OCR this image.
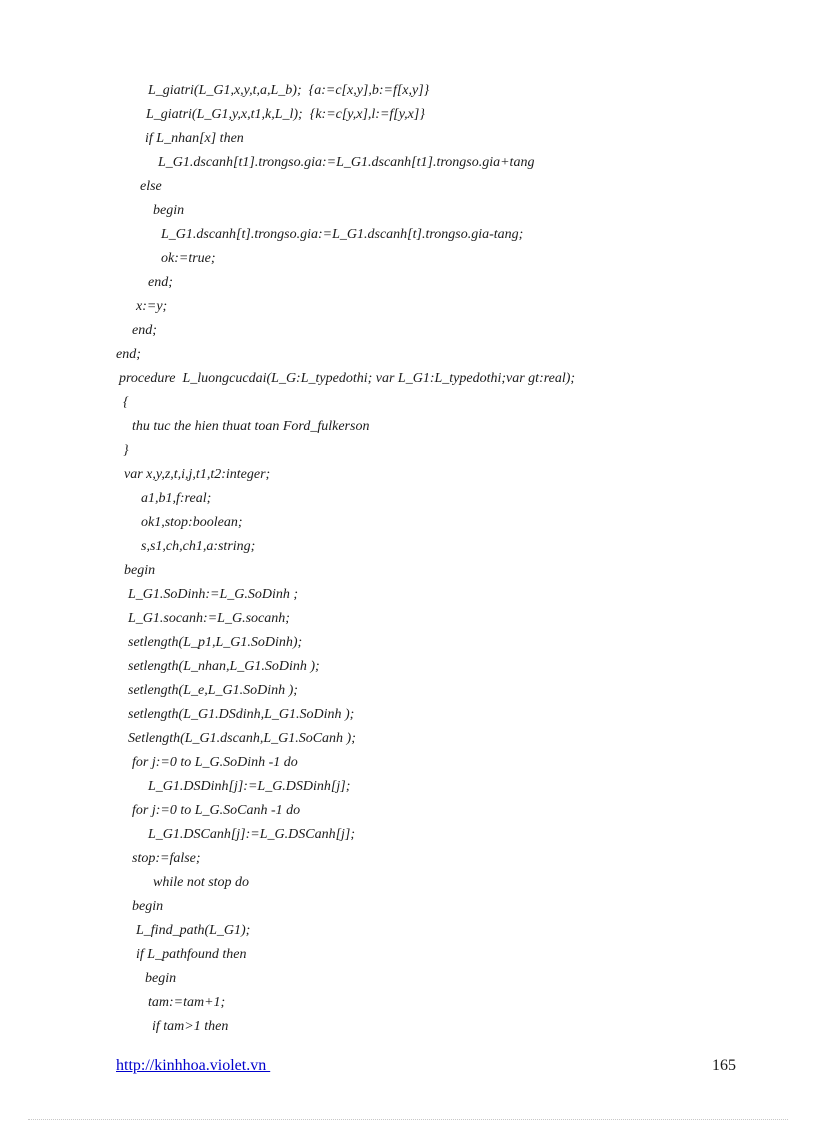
L_giatri(L_G1,x,y,t,a,L_b);  {a:=c[x,y],b:=f[x,y]}
L_giatri(L_G1,y,x,t1,k,L_l);  {k:=c[y,x],l:=f[y,x]}
if L_nhan[x] then
L_G1.dscanh[t1].trongso.gia:=L_G1.dscanh[t1].trongso.gia+tang
else
begin
L_G1.dscanh[t].trongso.gia:=L_G1.dscanh[t].trongso.gia-tang;
ok:=true;
end;
x:=y;
end;
end;
procedure  L_luongcucdai(L_G:L_typedothi; var L_G1:L_typedothi;var gt:real);
{
thu tuc the hien thuat toan Ford_fulkerson
}
var x,y,z,t,i,j,t1,t2:integer;
a1,b1,f:real;
ok1,stop:boolean;
s,s1,ch,ch1,a:string;
begin
L_G1.SoDinh:=L_G.SoDinh ;
L_G1.socanh:=L_G.socanh;
setlength(L_p1,L_G1.SoDinh);
setlength(L_nhan,L_G1.SoDinh );
setlength(L_e,L_G1.SoDinh );
setlength(L_G1.DSdinh,L_G1.SoDinh );
Setlength(L_G1.dscanh,L_G1.SoCanh );
for j:=0 to L_G.SoDinh -1 do
L_G1.DSDinh[j]:=L_G.DSDinh[j];
for j:=0 to L_G.SoCanh -1 do
L_G1.DSCanh[j]:=L_G.DSCanh[j];
stop:=false;
while not stop do
begin
L_find_path(L_G1);
if L_pathfound then
begin
tam:=tam+1;
if tam>1 then
http://kinhhoa.violet.vn	165
